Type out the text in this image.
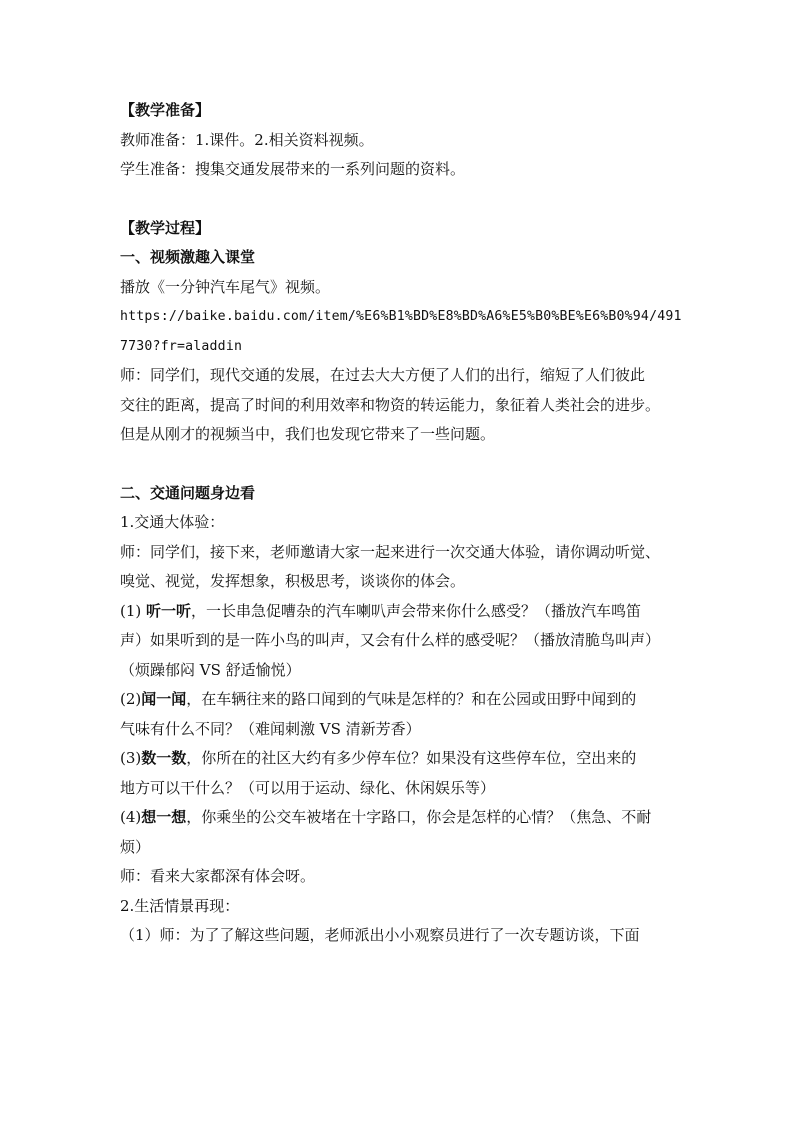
【教学准备】

教师准备：1.课件。2.相关资料视频。

学生准备：搜集交通发展带来的一系列问题的资料。

【教学过程】

一、视频激趣入课堂

播放《一分钟汽车尾气》视频。

https://baike.baidu.com/item/%E6%B1%BD%E8%BD%A6%E5%B0%BE%E6%B0%94/491

7730?fr=aladdin

师：同学们，现代交通的发展，在过去大大方便了人们的出行，缩短了人们彼此

交往的距离，提高了时间的利用效率和物资的转运能力，象征着人类社会的进步。

但是从刚才的视频当中，我们也发现它带来了一些问题。

二、交通问题身边看

1.交通大体验：

师：同学们，接下来，老师邀请大家一起来进行一次交通大体验，请你调动听觉、

嗅觉、视觉，发挥想象，积极思考，谈谈你的体会。

(1) 听一听，一长串急促嘈杂的汽车喇叭声会带来你什么感受？（播放汽车鸣笛

声）如果听到的是一阵小鸟的叫声，又会有什么样的感受呢？（播放清脆鸟叫声）

（烦躁郁闷 VS 舒适愉悦）

(2)闻一闻，在车辆往来的路口闻到的气味是怎样的？和在公园或田野中闻到的

气味有什么不同？（难闻刺激 VS 清新芳香）

(3)数一数，你所在的社区大约有多少停车位？如果没有这些停车位，空出来的

地方可以干什么？（可以用于运动、绿化、休闲娱乐等）

(4)想一想，你乘坐的公交车被堵在十字路口，你会是怎样的心情？（焦急、不耐

烦）

师：看来大家都深有体会呀。

2.生活情景再现：

（1）师：为了了解这些问题，老师派出小小观察员进行了一次专题访谈，下面
